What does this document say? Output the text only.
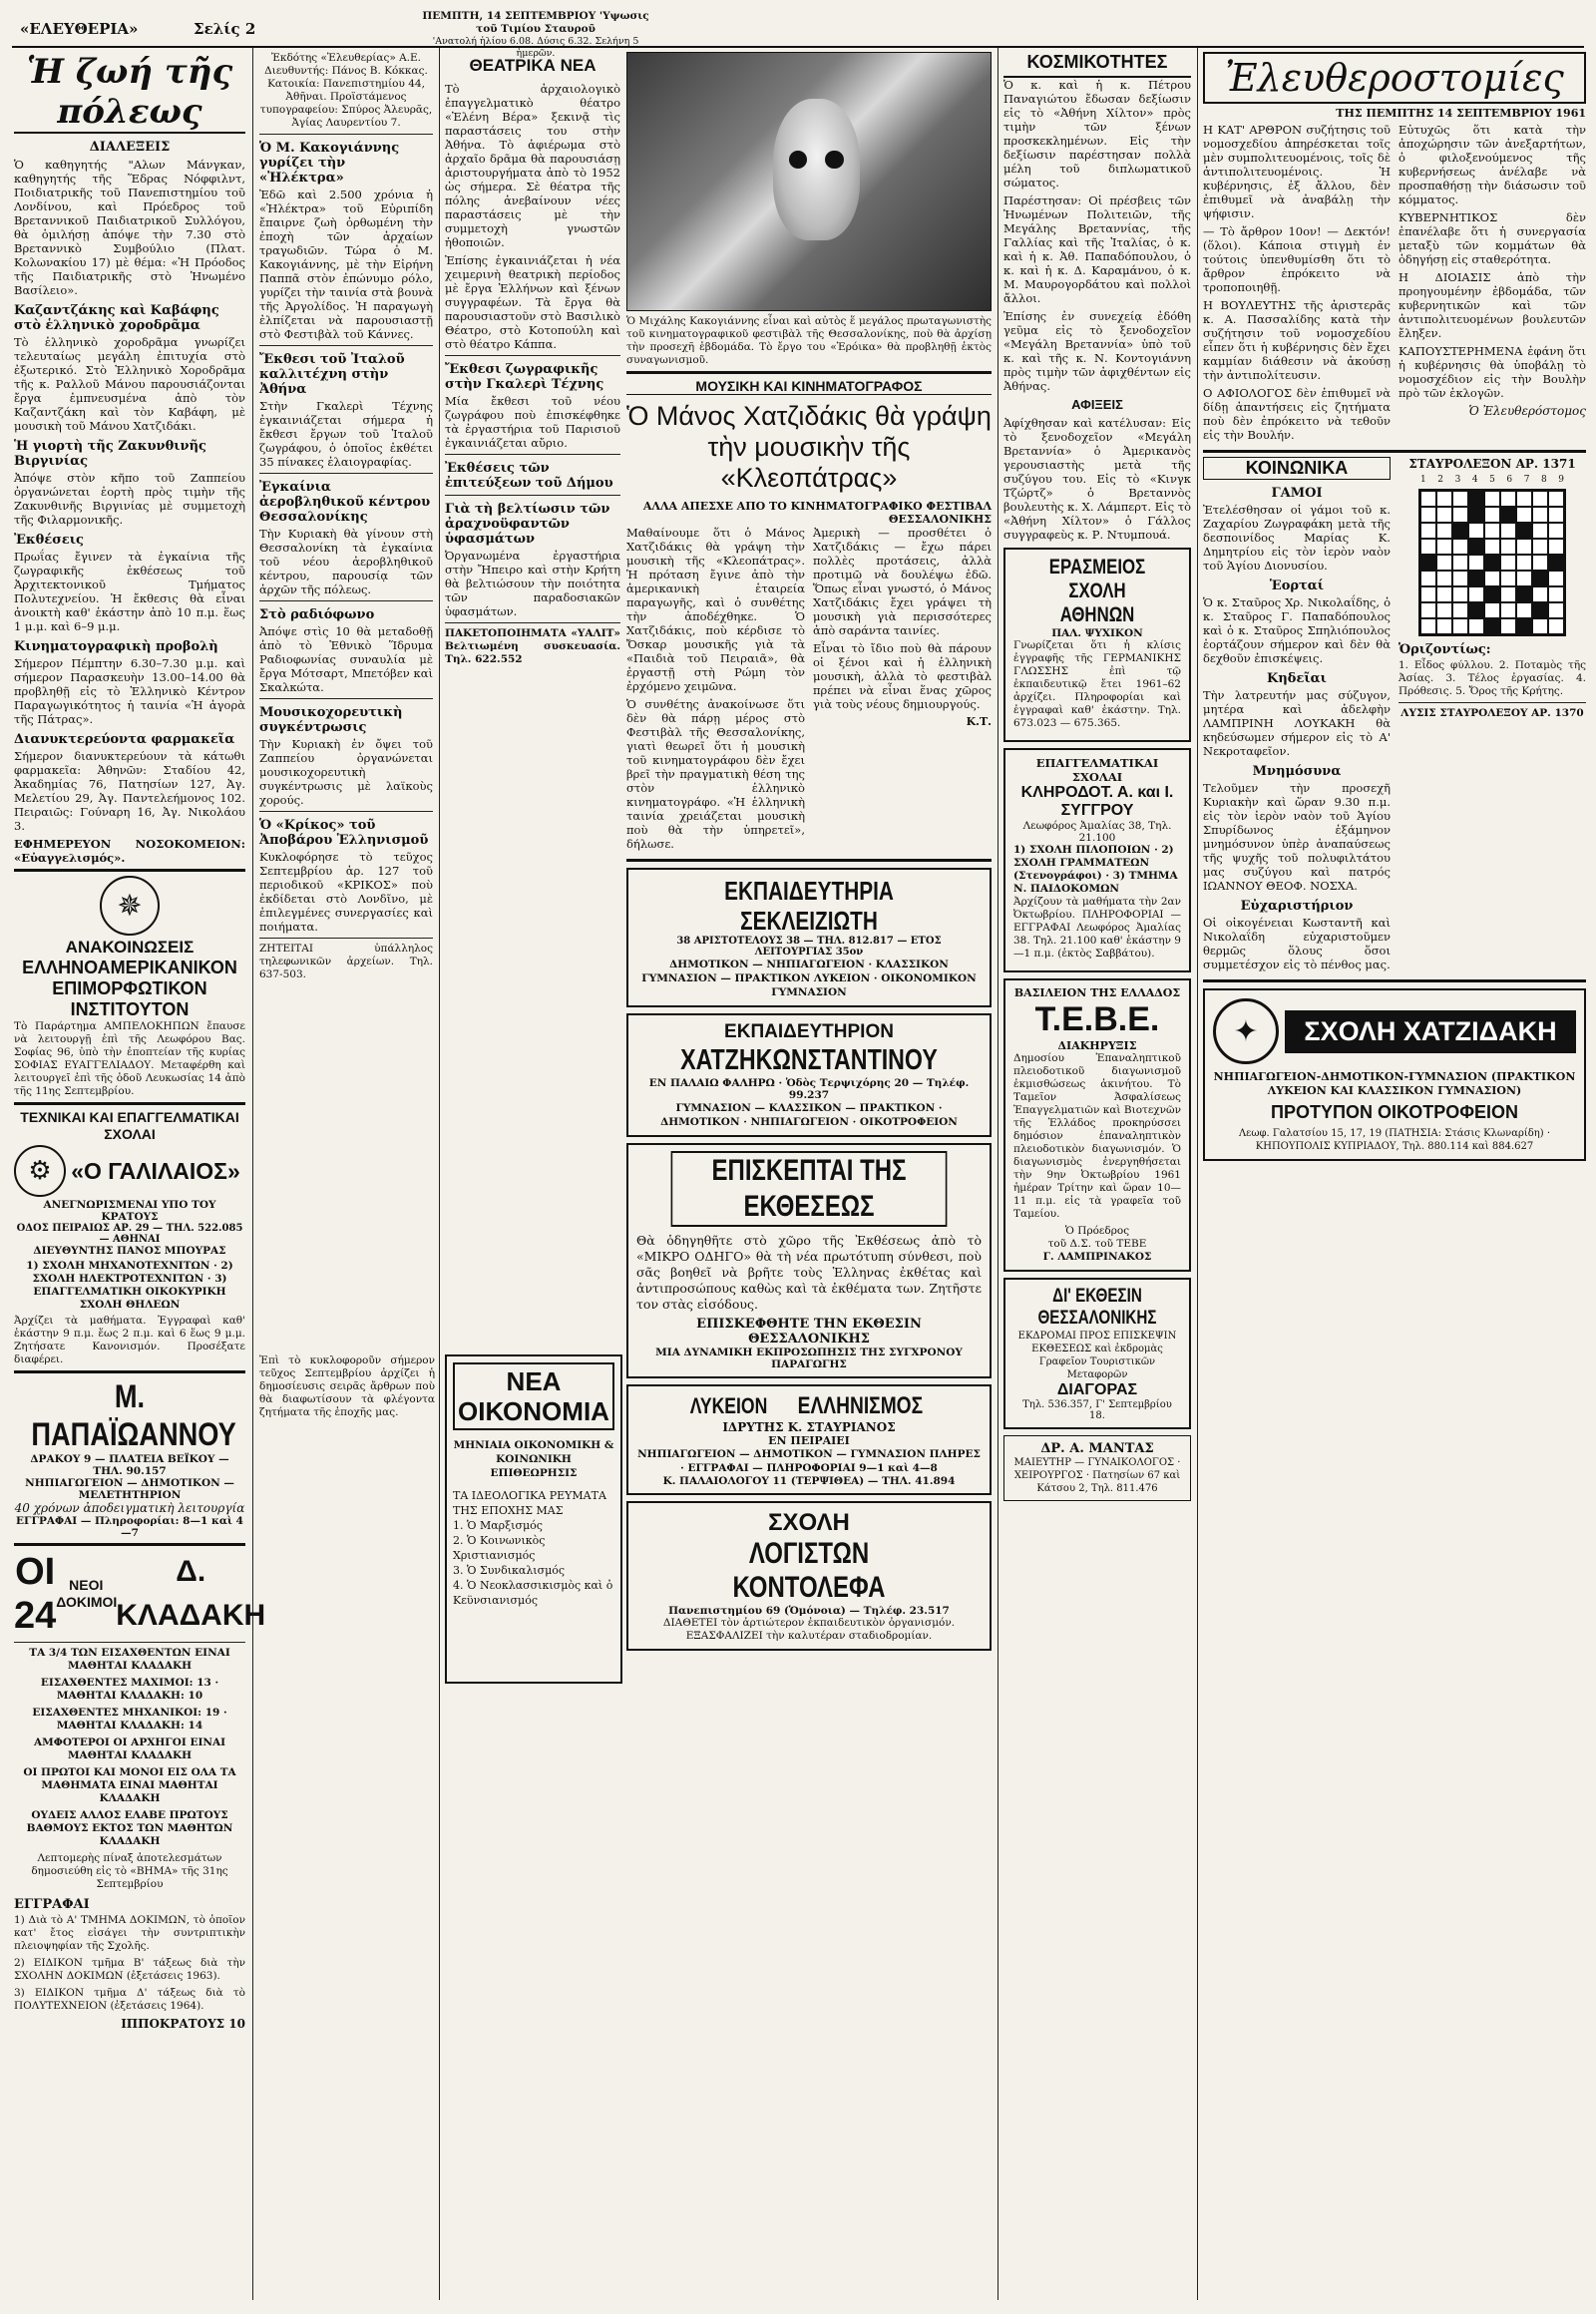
«ΕΛΕΥΘΕΡΙΑ»	Σελίς 2
ΠΕΜΠΤΗ, 14 ΣΕΠΤΕΜΒΡΙΟΥ 'Υψωσις τοῦ Τιμίου Σταυροῦ
'Ανατολή ἡλίου 6.08. Δύσις 6.32. Σελήνη 5 ἡμερῶν.
Ἡ ζωή τῆς πόλεως
ΔΙΑΛΕΞΕΙΣ

Ὁ καθηγητής "Αλων Μάνγκαν, καθηγητής τῆς Ἕδρας Νόφφιλντ, Ποιδιατρικῆς τοῦ Πανεπιστημίου τοῦ Λονδίνου, καὶ Πρόεδρος τοῦ Βρεταννικοῦ Παιδιατρικοῦ Συλλόγου, θὰ ὁμιλήσῃ ἀπόψε τὴν 7.30 στὸ Βρεταννικὸ Συμβούλιο (Πλατ. Κολωνακίου 17) μὲ θέμα: «Ἡ Πρόοδος τῆς Παιδιατρικῆς στὸ Ἡνωμένο Βασίλειο».

Καζαντζάκης καὶ Καβάφης στὸ ἑλληνικὸ χοροδρᾶμα

Τὸ ἑλληνικὸ χοροδρᾶμα γνωρίζει τελευταίως μεγάλη ἐπιτυχία στὸ ἐξωτερικό. Στὸ Ἑλληνικὸ Χοροδρᾶμα τῆς κ. Ραλλοῦ Μάνου παρουσιάζονται ἔργα ἐμπνευσμένα ἀπὸ τὸν Καζαντζάκη καὶ τὸν Καβάφη, μὲ μουσικὴ τοῦ Μάνου Χατζιδάκι.

Ἡ γιορτὴ τῆς Ζακυνθινῆς Βιργινίας

Ἀπόψε στὸν κῆπο τοῦ Ζαππείου ὀργανώνεται ἑορτὴ πρὸς τιμὴν τῆς Ζακυνθινῆς Βιργινίας μὲ συμμετοχὴ τῆς Φιλαρμονικῆς.

Ἐκθέσεις

Πρωΐας ἔγινεν τὰ ἐγκαίνια τῆς ζωγραφικῆς ἐκθέσεως τοῦ Ἀρχιτεκτονικοῦ Τμήματος Πολυτεχνείου. Ἡ ἔκθεσις θὰ εἶναι ἀνοικτὴ καθ' ἑκάστην ἀπὸ 10 π.μ. ἕως 1 μ.μ. καὶ 6–9 μ.μ.

Κινηματογραφικὴ προβολὴ

Σήμερον Πέμπτην 6.30–7.30 μ.μ. καὶ σήμερον Παρασκευὴν 13.00–14.00 θὰ προβληθῇ εἰς τὸ Ἑλληνικὸ Κέντρον Παραγωγικότητος ἡ ταινία «Ἡ ἀγορὰ τῆς Πάτρας».

Διανυκτερεύοντα φαρμακεῖα

Σήμερον διανυκτερεύουν τὰ κάτωθι φαρμακεῖα: Ἀθηνῶν: Σταδίου 42, Ἀκαδημίας 76, Πατησίων 127, Ἀγ. Μελετίου 29, Ἀγ. Παντελεήμονος 102. Πειραιῶς: Γούναρη 16, Ἀγ. Νικολάου 3.

ΕΦΗΜΕΡΕΥΟΝ ΝΟΣΟΚΟΜΕΙΟΝ: «Εὐαγγελισμός».

✵
ΑΝΑΚΟΙΝΩΣΕΙΣ
ΕΛΛΗΝΟΑΜΕΡΙΚΑΝΙΚΟΝ ΕΠΙΜΟΡΦΩΤΙΚΟΝ ΙΝΣΤΙΤΟΥΤΟΝ

Τὸ Παράρτημα ΑΜΠΕΛΟΚΗΠΩΝ ἔπαυσε νὰ λειτουργῇ ἐπὶ τῆς Λεωφόρου Βας. Σοφίας 96, ὑπὸ τὴν ἐποπτείαν τῆς κυρίας ΣΟΦΙΑΣ ΕΥΑΓΓΕΛΙΑΔΟΥ. Μεταφέρθη καὶ λειτουργεῖ ἐπὶ τῆς ὁδοῦ Λευκωσίας 14 ἀπὸ τῆς 11ης Σεπτεμβρίου.

ΤΕΧΝΙΚΑΙ ΚΑΙ ΕΠΑΓΓΕΛΜΑΤΙΚΑΙ ΣΧΟΛΑΙ
⚙ «Ο ΓΑΛΙΛΑΙΟΣ»
ΑΝΕΓΝΩΡΙΣΜΕΝΑΙ ΥΠΟ ΤΟΥ ΚΡΑΤΟΥΣ
ΟΔΟΣ ΠΕΙΡΑΙΩΣ ΑΡ. 29 — ΤΗΛ. 522.085 — ΑΘΗΝΑΙ
ΔΙΕΥΘΥΝΤΗΣ ΠΑΝΟΣ ΜΠΟΥΡΑΣ
1) ΣΧΟΛΗ ΜΗΧΑΝΟΤΕΧΝΙΤΩΝ · 2) ΣΧΟΛΗ ΗΛΕΚΤΡΟΤΕΧΝΙΤΩΝ · 3) ΕΠΑΓΓΕΛΜΑΤΙΚΗ ΟΙΚΟΚΥΡΙΚΗ ΣΧΟΛΗ ΘΗΛΕΩΝ

Ἀρχίζει τὰ μαθήματα. Ἐγγραφαὶ καθ' ἑκάστην 9 π.μ. ἕως 2 π.μ. καὶ 6 ἕως 9 μ.μ. Ζητήσατε Κανονισμόν. Προσέξατε διαφέρει.

Μ. ΠΑΠΑΪΩΑΝΝΟΥ
ΔΡΑΚΟΥ 9 — ΠΛΑΤΕΙΑ ΒΕΪΚΟΥ — ΤΗΛ. 90.157
ΝΗΠΙΑΓΩΓΕΙΟΝ — ΔΗΜΟΤΙΚΟΝ — ΜΕΛΕΤΗΤΗΡΙΟΝ
40 χρόνων ἀποδειγματικὴ λειτουργία
ΕΓΓΡΑΦΑΙ — Πληροφορίαι: 8—1 καὶ 4—7
ΟΙ 24
ΝΕΟΙ ΔΟΚΙΜΟΙ
Δ. ΚΛΑΔΑΚΗ

ΤΑ 3/4 ΤΩΝ ΕΙΣΑΧΘΕΝΤΩΝ ΕΙΝΑΙ ΜΑΘΗΤΑΙ ΚΛΑΔΑΚΗ

ΕΙΣΑΧΘΕΝΤΕΣ ΜΑΧΙΜΟΙ: 13 · ΜΑΘΗΤΑΙ ΚΛΑΔΑΚΗ: 10

ΕΙΣΑΧΘΕΝΤΕΣ ΜΗΧΑΝΙΚΟΙ: 19 · ΜΑΘΗΤΑΙ ΚΛΑΔΑΚΗ: 14

ΑΜΦΟΤΕΡΟΙ ΟΙ ΑΡΧΗΓΟΙ ΕΙΝΑΙ ΜΑΘΗΤΑΙ ΚΛΑΔΑΚΗ

ΟΙ ΠΡΩΤΟΙ ΚΑΙ ΜΟΝΟΙ ΕΙΣ ΟΛΑ ΤΑ ΜΑΘΗΜΑΤΑ ΕΙΝΑΙ ΜΑΘΗΤΑΙ ΚΛΑΔΑΚΗ

ΟΥΔΕΙΣ ΑΛΛΟΣ ΕΛΑΒΕ ΠΡΩΤΟΥΣ ΒΑΘΜΟΥΣ ΕΚΤΟΣ ΤΩΝ ΜΑΘΗΤΩΝ ΚΛΑΔΑΚΗ

Λεπτομερὴς πίναξ ἀποτελεσμάτων δημοσιεύθη εἰς τὸ «ΒΗΜΑ» τῆς 31ης Σεπτεμβρίου

ΕΓΓΡΑΦΑΙ

1) Διὰ τὸ Α' ΤΜΗΜΑ ΔΟΚΙΜΩΝ, τὸ ὁποῖον κατ' ἔτος εἰσάγει τὴν συντριπτικὴν πλειοψηφίαν τῆς Σχολῆς.

2) ΕΙΔΙΚΟΝ τμῆμα Β' τάξεως διὰ τὴν ΣΧΟΛΗΝ ΔΟΚΙΜΩΝ (ἐξετάσεις 1963).

3) ΕΙΔΙΚΟΝ τμῆμα Δ' τάξεως διὰ τὸ ΠΟΛΥΤΕΧΝΕΙΟΝ (ἐξετάσεις 1964).

ΙΠΠΟΚΡΑΤΟΥΣ 10

Ἐκδότης «Ἐλευθερίας» Α.Ε. Διευθυντής: Πάνος Β. Κόκκας. Κατοικία: Πανεπιστημίου 44, Ἀθῆναι. Προϊστάμενος τυπογραφείου: Σπύρος Ἀλευρᾶς, Ἀγίας Λαυρεντίου 7.

Ὁ Μ. Κακογιάννης γυρίζει τὴν «Ἠλέκτρα»

Ἐδῶ καὶ 2.500 χρόνια ἡ «Ἠλέκτρα» τοῦ Εὐριπίδη ἔπαιρνε ζωὴ ὀρθωμένη τὴν ἐποχὴ τῶν ἀρχαίων τραγωδιῶν. Τώρα ὁ Μ. Κακογιάννης, μὲ τὴν Εἰρήνη Παππᾶ στὸν ἐπώνυμο ρόλο, γυρίζει τὴν ταινία στὰ βουνὰ τῆς Ἀργολίδος. Ἡ παραγωγὴ ἐλπίζεται νὰ παρουσιαστῇ στὸ Φεστιβὰλ τοῦ Κάννες.

Ἔκθεσι τοῦ Ἰταλοῦ καλλιτέχνη στὴν Ἀθήνα

Στὴν Γκαλερὶ Τέχνης ἐγκαινιάζεται σήμερα ἡ ἔκθεσι ἔργων τοῦ Ἰταλοῦ ζωγράφου, ὁ ὁποῖος ἐκθέτει 35 πίνακες ἐλαιογραφίας.

Ἐγκαίνια ἀεροβληθικοῦ κέντρου Θεσσαλονίκης

Τὴν Κυριακὴ θὰ γίνουν στὴ Θεσσαλονίκη τὰ ἐγκαίνια τοῦ νέου ἀεροβληθικοῦ κέντρου, παρουσίᾳ τῶν ἀρχῶν τῆς πόλεως.

Στὸ ραδιόφωνο

Ἀπόψε στὶς 10 θὰ μεταδοθῇ ἀπὸ τὸ Ἐθνικὸ Ἵδρυμα Ραδιοφωνίας συναυλία μὲ ἔργα Μότσαρτ, Μπετόβεν καὶ Σκαλκώτα.

Μουσικοχορευτικὴ συγκέντρωσις

Τὴν Κυριακὴ ἐν ὄψει τοῦ Ζαππείου ὀργανώνεται μουσικοχορευτικὴ συγκέντρωσις μὲ λαϊκοὺς χορούς.

Ὁ «Κρίκος» τοῦ Ἀποβάρου Ἑλληνισμοῦ

Κυκλοφόρησε τὸ τεῦχος Σεπτεμβρίου ἀρ. 127 τοῦ περιοδικοῦ «ΚΡΙΚΟΣ» ποὺ ἐκδίδεται στὸ Λονδῖνο, μὲ ἐπιλεγμένες συνεργασίες καὶ ποιήματα.

ΖΗΤΕΙΤΑΙ ὑπάλληλος τηλεφωνικῶν ἀρχείων. Τηλ. 637-503.

ΘΕΑΤΡΙΚΑ ΝΕΑ

Τὸ ἀρχαιολογικὸ ἐπαγγελματικὸ θέατρο «Ἐλένη Βέρα» ξεκινᾷ τὶς παραστάσεις του στὴν Ἀθήνα. Τὸ ἀφιέρωμα στὸ ἀρχαῖο δρᾶμα θὰ παρουσιάσῃ ἀριστουργήματα ἀπὸ τὸ 1952 ὡς σήμερα. Σὲ θέατρα τῆς πόλης ἀνεβαίνουν νέες παραστάσεις μὲ τὴν συμμετοχὴ γνωστῶν ἠθοποιῶν.

Ἐπίσης ἐγκαινιάζεται ἡ νέα χειμερινὴ θεατρικὴ περίοδος μὲ ἔργα Ἑλλήνων καὶ ξένων συγγραφέων. Τὰ ἔργα θὰ παρουσιαστοῦν στὸ Βασιλικὸ Θέατρο, στὸ Κοτοπούλη καὶ στὸ θέατρο Κάππα.

Ἔκθεσι ζωγραφικῆς στὴν Γκαλερὶ Τέχνης

Μία ἔκθεσι τοῦ νέου ζωγράφου ποὺ ἐπισκέφθηκε τὰ ἐργαστήρια τοῦ Παρισιοῦ ἐγκαινιάζεται αὔριο.

Ἐκθέσεις τῶν ἐπιτεύξεων τοῦ Δήμου
Γιὰ τὴ βελτίωσιν τῶν ἀραχνοϋφαντῶν ὑφασμάτων

Ὀργανωμένα ἐργαστήρια στὴν Ἤπειρο καὶ στὴν Κρήτη θὰ βελτιώσουν τὴν ποιότητα τῶν παραδοσιακῶν ὑφασμάτων.

ΠΑΚΕΤΟΠΟΙΗΜΑΤΑ «ΥΑΛΙΤ» Βελτιωμένη συσκευασία. Τηλ. 622.552

ΝΕΑ ΟΙΚΟΝΟΜΙΑ
ΜΗΝΙΑΙΑ ΟΙΚΟΝΟΜΙΚΗ & ΚΟΙΝΩΝΙΚΗ ΕΠΙΘΕΩΡΗΣΙΣ
ΤΑ ΙΔΕΟΛΟΓΙΚΑ ΡΕΥΜΑΤΑ ΤΗΣ ΕΠΟΧΗΣ ΜΑΣ
1. Ὁ Μαρξισμός
2. Ὁ Κοινωνικὸς Χριστιανισμός
3. Ὁ Συνδικαλισμός
4. Ὁ Νεοκλασσικισμὸς καὶ ὁ Κεϋνσιανισμός

Ἐπὶ τὸ κυκλοφοροῦν σήμερον τεῦχος Σεπτεμβρίου ἀρχίζει ἡ δημοσίευσις σειρᾶς ἄρθρων ποὺ θὰ διαφωτίσουν τὰ φλέγοντα ζητήματα τῆς ἐποχῆς μας.

Ὁ Μιχάλης Κακογιάννης εἶναι καὶ αὐτὸς ἕ μεγάλος πρωταγωνιστὴς τοῦ κινηματογραφικοῦ φεστιβὰλ τῆς Θεσσαλονίκης, ποὺ θὰ ἀρχίσῃ τὴν προσεχῆ ἑβδομάδα. Τὸ ἔργο του «Ἐρόικα» θὰ προβληθῇ ἐκτὸς συναγωνισμοῦ.

ΜΟΥΣΙΚΗ ΚΑΙ ΚΙΝΗΜΑΤΟΓΡΑΦΟΣ
Ὁ Μάνος Χατζιδάκις θὰ γράψη τὴν μουσικὴν τῆς «Κλεοπάτρας»
ΑΛΛΑ ΑΠΕΣΧΕ ΑΠΟ ΤΟ ΚΙΝΗΜΑΤΟΓΡΑΦΙΚΟ ΦΕΣΤΙΒΑΛ ΘΕΣΣΑΛΟΝΙΚΗΣ

Μαθαίνουμε ὅτι ὁ Μάνος Χατζιδάκις θὰ γράψη τὴν μουσικὴ τῆς «Κλεοπάτρας». Ἡ πρόταση ἔγινε ἀπὸ τὴν ἀμερικανικὴ ἑταιρεία παραγωγῆς, καὶ ὁ συνθέτης τὴν ἀποδέχθηκε. Ὁ Χατζιδάκις, ποὺ κέρδισε τὸ Ὄσκαρ μουσικῆς γιὰ τὰ «Παιδιὰ τοῦ Πειραιᾶ», θὰ ἐργαστῇ στὴ Ρώμη τὸν ἐρχόμενο χειμῶνα.

Ὁ συνθέτης ἀνακοίνωσε ὅτι δὲν θὰ πάρῃ μέρος στὸ Φεστιβὰλ τῆς Θεσσαλονίκης, γιατὶ θεωρεῖ ὅτι ἡ μουσικὴ τοῦ κινηματογράφου δὲν ἔχει βρεῖ τὴν πραγματικὴ θέση της στὸν ἑλληνικὸ κινηματογράφο. «Ἡ ἑλληνικὴ ταινία χρειάζεται μουσικὴ ποὺ θὰ τὴν ὑπηρετεῖ», δήλωσε.

Ἀμερικὴ — προσθέτει ὁ Χατζιδάκις — ἔχω πάρει πολλὲς προτάσεις, ἀλλὰ προτιμῶ νὰ δουλέψω ἐδῶ. Ὅπως εἶναι γνωστό, ὁ Μάνος Χατζιδάκις ἔχει γράψει τὴ μουσικὴ γιὰ περισσότερες ἀπὸ σαράντα ταινίες.

Εἶναι τὸ ἴδιο ποὺ θὰ πάρουν οἱ ξένοι καὶ ἡ ἑλληνικὴ μουσικὴ, ἀλλὰ τὸ φεστιβὰλ πρέπει νὰ εἶναι ἕνας χῶρος γιὰ τοὺς νέους δημιουργούς.

Κ.Τ.
ΕΚΠΑΙΔΕΥΤΗΡΙΑ ΣΕΚΛΕΙΖΙΩΤΗ
38 ΑΡΙΣΤΟΤΕΛΟΥΣ 38 — ΤΗΛ. 812.817 — ΕΤΟΣ ΛΕΙΤΟΥΡΓΙΑΣ 35ον
ΔΗΜΟΤΙΚΟΝ — ΝΗΠΙΑΓΩΓΕΙΟΝ · ΚΛΑΣΣΙΚΟΝ ΓΥΜΝΑΣΙΟΝ — ΠΡΑΚΤΙΚΟΝ ΛΥΚΕΙΟΝ · ΟΙΚΟΝΟΜΙΚΟΝ ΓΥΜΝΑΣΙΟΝ
ΕΚΠΑΙΔΕΥΤΗΡΙΟΝ
ΧΑΤΖΗΚΩΝΣΤΑΝΤΙΝΟΥ
ΕΝ ΠΑΛΑΙΩ ΦΑΛΗΡΩ · Ὁδὸς Τερψιχόρης 20 — Τηλέφ. 99.237
ΓΥΜΝΑΣΙΟΝ — ΚΛΑΣΣΙΚΟΝ — ΠΡΑΚΤΙΚΟΝ · ΔΗΜΟΤΙΚΟΝ · ΝΗΠΙΑΓΩΓΕΙΟΝ · ΟΙΚΟΤΡΟΦΕΙΟΝ
ΕΠΙΣΚΕΠΤΑΙ ΤΗΣ ΕΚΘΕΣΕΩΣ

Θὰ ὁδηγηθῆτε στὸ χῶρο τῆς Ἐκθέσεως ἀπὸ τὸ «ΜΙΚΡΟ ΟΔΗΓΟ» θὰ τὴ νέα πρωτότυπη σύνθεσι, ποὺ σᾶς βοηθεῖ νὰ βρῆτε τοὺς Ἑλληνας ἐκθέτας καὶ ἀντιπροσώπους καθὼς καὶ τὰ ἐκθέματα των. Ζητῆστε τον στὰς εἰσόδους.

ΕΠΙΣΚΕΦΘΗΤΕ ΤΗΝ ΕΚΘΕΣΙΝ ΘΕΣΣΑΛΟΝΙΚΗΣ
ΜΙΑ ΔΥΝΑΜΙΚΗ ΕΚΠΡΟΣΩΠΗΣΙΣ ΤΗΣ ΣΥΓΧΡΟΝΟΥ ΠΑΡΑΓΩΓΗΣ
ΛΥΚΕΙΟΝ ΕΛΛΗΝΙΣΜΟΣ
ΙΔΡΥΤΗΣ Κ. ΣΤΑΥΡΙΑΝΟΣ
ΕΝ ΠΕΙΡΑΙΕΙ
ΝΗΠΙΑΓΩΓΕΙΟΝ — ΔΗΜΟΤΙΚΟΝ — ΓΥΜΝΑΣΙΟΝ ΠΛΗΡΕΣ · ΕΓΓΡΑΦΑΙ — ΠΛΗΡΟΦΟΡΙΑΙ 9—1 καὶ 4—8
Κ. ΠΑΛΑΙΟΛΟΓΟΥ 11 (ΤΕΡΨΙΘΕΑ) — ΤΗΛ. 41.894
ΣΧΟΛΗ
ΛΟΓΙΣΤΩΝ ΚΟΝΤΟΛΕΦΑ
Πανεπιστημίου 69 (Ὁμόνοια) — Τηλέφ. 23.517
ΔΙΑΘΕΤΕΙ τὸν ἀρτιώτερον ἐκπαιδευτικὸν ὀργανισμόν. ΕΞΑΣΦΑΛΙΖΕΙ τὴν καλυτέραν σταδιοδρομίαν.
ΚΟΣΜΙΚΟΤΗΤΕΣ

Ὁ κ. καὶ ἡ κ. Πέτρου Παναγιώτου ἔδωσαν δεξίωσιν εἰς τὸ «Ἀθήνη Χίλτον» πρὸς τιμὴν τῶν ξένων προσκεκλημένων. Εἰς τὴν δεξίωσιν παρέστησαν πολλὰ μέλη τοῦ διπλωματικοῦ σώματος.

Παρέστησαν: Οἱ πρέσβεις τῶν Ἡνωμένων Πολιτειῶν, τῆς Μεγάλης Βρεταννίας, τῆς Γαλλίας καὶ τῆς Ἰταλίας, ὁ κ. καὶ ἡ κ. Ἀθ. Παπαδόπουλου, ὁ κ. καὶ ἡ κ. Δ. Καραμάνου, ὁ κ. Μ. Μαυρογορδάτου καὶ πολλοὶ ἄλλοι.

Ἐπίσης ἐν συνεχείᾳ ἐδόθη γεῦμα εἰς τὸ ξενοδοχεῖον «Μεγάλη Βρεταννία» ὑπὸ τοῦ κ. καὶ τῆς κ. Ν. Κοντογιάννη πρὸς τιμὴν τῶν ἀφιχθέντων εἰς Ἀθήνας.

ΑΦΙΞΕΙΣ

Ἀφίχθησαν καὶ κατέλυσαν: Εἰς τὸ ξενοδοχεῖον «Μεγάλη Βρεταννία» ὁ Ἀμερικανὸς γερουσιαστὴς μετὰ τῆς συζύγου του. Εἰς τὸ «Κινγκ Τζώρτζ» ὁ Βρεταννὸς βουλευτὴς κ. Χ. Λάμπερτ. Εἰς τὸ «Ἀθήνη Χίλτον» ὁ Γάλλος συγγραφεὺς κ. Ρ. Ντυμπουά.

ΕΡΑΣΜΕΙΟΣ
ΣΧΟΛΗ ΑΘΗΝΩΝ
ΠΑΛ. ΨΥΧΙΚΟΝ

Γνωρίζεται ὅτι ἡ κλίσις ἐγγραφῆς τῆς ΓΕΡΜΑΝΙΚΗΣ ΓΛΩΣΣΗΣ ἐπὶ τῷ ἐκπαιδευτικῷ ἔτει 1961–62 ἀρχίζει. Πληροφορίαι καὶ ἐγγραφαὶ καθ' ἑκάστην. Τηλ. 673.023 — 675.365.

ΕΠΑΓΓΕΛΜΑΤΙΚΑΙ ΣΧΟΛΑΙ
ΚΛΗΡΟΔΟΤ. Α. και Ι. ΣΥΓΓΡΟΥ
Λεωφόρος Ἀμαλίας 38, Τηλ. 21.100
1) ΣΧΟΛΗ ΠΙΛΟΠΟΙΩΝ · 2) ΣΧΟΛΗ ΓΡΑΜΜΑΤΕΩΝ (Στενογράφοι) · 3) ΤΜΗΜΑ Ν. ΠΑΙΔΟΚΟΜΩΝ

Ἀρχίζουν τὰ μαθήματα τὴν 2αν Ὀκτωβρίου. ΠΛΗΡΟΦΟΡΙΑΙ — ΕΓΓΡΑΦΑΙ Λεωφόρος Ἀμαλίας 38. Τηλ. 21.100 καθ' ἑκάστην 9—1 π.μ. (ἐκτὸς Σαββάτου).

ΒΑΣΙΛΕΙΟΝ ΤΗΣ ΕΛΛΑΔΟΣ
Τ.Ε.Β.Ε.
ΔΙΑΚΗΡΥΞΙΣ

Δημοσίου Ἐπαναληπτικοῦ πλειοδοτικοῦ διαγωνισμοῦ ἐκμισθώσεως ἀκινήτου. Τὸ Ταμεῖον Ἀσφαλίσεως Ἐπαγγελματιῶν καὶ Βιοτεχνῶν τῆς Ἑλλάδος προκηρύσσει δημόσιον ἐπαναληπτικὸν πλειοδοτικὸν διαγωνισμόν. Ὁ διαγωνισμὸς ἐνεργηθήσεται τὴν 9ην Ὀκτωβρίου 1961 ἡμέραν Τρίτην καὶ ὥραν 10—11 π.μ. εἰς τὰ γραφεῖα τοῦ Ταμείου.

Ὁ Πρόεδρος
τοῦ Δ.Σ. τοῦ ΤΕΒΕ
Γ. ΛΑΜΠΡΙΝΑΚΟΣ
ΔΙ' ΕΚΘΕΣΙΝ
ΘΕΣΣΑΛΟΝΙΚΗΣ
ΕΚΔΡΟΜΑΙ ΠΡΟΣ ΕΠΙΣΚΕΨΙΝ ΕΚΘΕΣΕΩΣ καὶ ἐκδρομὰς Γραφεῖον Τουριστικῶν Μεταφορῶν
ΔΙΑΓΟΡΑΣ
Τηλ. 536.357, Γ' Σεπτεμβρίου 18.
ΔΡ. Α. ΜΑΝΤΑΣ
ΜΑΙΕΥΤΗΡ — ΓΥΝΑΙΚΟΛΟΓΟΣ · ΧΕΙΡΟΥΡΓΟΣ · Πατησίων 67 καὶ Κάτσου 2, Τηλ. 811.476
Ἐλευθεροστομίες
ΤΗΣ ΠΕΜΠΤΗΣ 14 ΣΕΠΤΕΜΒΡΙΟΥ 1961

Η ΚΑΤ' ΑΡΘΡΟΝ συζήτησις τοῦ νομοσχεδίου ἀπηρέσκεται τοῖς μὲν συμπολιτευομένοις, τοῖς δὲ ἀντιπολιτευομένοις. Ἡ κυβέρνησις, ἐξ ἄλλου, δὲν ἐπιθυμεῖ νὰ ἀναβάλῃ τὴν ψήφισιν.

— Τὸ ἄρθρον 10ον! — Δεκτόν! (ὅλοι). Κάποια στιγμὴ ἐν τούτοις ὑπενθυμίσθη ὅτι τὸ ἄρθρον ἐπρόκειτο νὰ τροποποιηθῇ.

Η ΒΟΥΛΕΥΤΗΣ τῆς ἀριστερᾶς κ. Α. Πασσαλίδης κατὰ τὴν συζήτησιν τοῦ νομοσχεδίου εἶπεν ὅτι ἡ κυβέρνησις δὲν ἔχει καμμίαν διάθεσιν νὰ ἀκούσῃ τὴν ἀντιπολίτευσιν.

Ο ΑΦΙΟΛΟΓΟΣ δὲν ἐπιθυμεῖ νὰ δίδῃ ἀπαντήσεις εἰς ζητήματα ποὺ δὲν ἐπρόκειτο νὰ τεθοῦν εἰς τὴν Βουλήν.

Εὐτυχῶς ὅτι κατὰ τὴν ἀποχώρησιν τῶν ἀνεξαρτήτων, ὁ φιλοξενούμενος τῆς κυβερνήσεως ἀνέλαβε νὰ προσπαθήσῃ τὴν διάσωσιν τοῦ κόμματος.

ΚΥΒΕΡΝΗΤΙΚΟΣ δὲν ἐπανέλαβε ὅτι ἡ συνεργασία μεταξὺ τῶν κομμάτων θὰ ὁδηγήσῃ εἰς σταθερότητα.

Η ΔΙΟΙΑΣΙΣ ἀπὸ τὴν προηγουμένην ἐβδομάδα, τῶν κυβερνητικῶν καὶ τῶν ἀντιπολιτευομένων βουλευτῶν ἔληξεν.

ΚΑΠΟΥΣΤΕΡΗΜΕΝΑ ἐφάνη ὅτι ἡ κυβέρνησις θὰ ὑποβάλῃ τὸ νομοσχέδιον εἰς τὴν Βουλὴν πρὸ τῶν ἐκλογῶν.

Ὁ Ἐλευθερόστομος
ΚΟΙΝΩΝΙΚΑ
ΓΑΜΟΙ

Ἐτελέσθησαν οἱ γάμοι τοῦ κ. Ζαχαρίου Ζωγραφάκη μετὰ τῆς δεσποινίδος Μαρίας Κ. Δημητρίου εἰς τὸν ἱερὸν ναὸν τοῦ Ἁγίου Διονυσίου.

Ἑορταί

Ὁ κ. Σταῦρος Χρ. Νικολαΐδης, ὁ κ. Σταῦρος Γ. Παπαδόπουλος καὶ ὁ κ. Σταῦρος Σπηλιόπουλος ἑορτάζουν σήμερον καὶ δὲν θὰ δεχθοῦν ἐπισκέψεις.

Κηδεῖαι

Τὴν λατρευτήν μας σύζυγον, μητέρα καὶ ἀδελφὴν ΛΑΜΠΡΙΝΗ ΛΟΥΚΑΚΗ θὰ κηδεύσωμεν σήμερον εἰς τὸ Α' Νεκροταφεῖον.

Μνημόσυνα

Τελοῦμεν τὴν προσεχῆ Κυριακὴν καὶ ὥραν 9.30 π.μ. εἰς τὸν ἱερὸν ναὸν τοῦ Ἁγίου Σπυρίδωνος ἑξάμηνον μνημόσυνον ὑπὲρ ἀναπαύσεως τῆς ψυχῆς τοῦ πολυφιλτάτου μας συζύγου καὶ πατρός ΙΩΑΝΝΟΥ ΘΕΟΦ. ΝΟΣΧΑ.

Εὐχαριστήριον

Οἱ οἰκογένειαι Κωσταντῆ καὶ Νικολαΐδη εὐχαριστοῦμεν θερμῶς ὅλους ὅσοι συμμετέσχον εἰς τὸ πένθος μας.

ΣΤΑΥΡΟΛΕΞΟΝ ΑΡ. 1371
1 2 3 4 5 6 7 8 9
Ὁριζοντίως:

1. Εἶδος φύλλου. 2. Ποταμὸς τῆς Ἀσίας. 3. Τέλος ἐργασίας. 4. Πρόθεσις. 5. Ὄρος τῆς Κρήτης.

ΛΥΣΙΣ ΣΤΑΥΡΟΛΕΞΟΥ ΑΡ. 1370
✦	ΣΧΟΛΗ ΧΑΤΖΙΔΑΚΗ
ΝΗΠΙΑΓΩΓΕΙΟΝ-ΔΗΜΟΤΙΚΟΝ-ΓΥΜΝΑΣΙΟΝ (ΠΡΑΚΤΙΚΟΝ ΛΥΚΕΙΟΝ ΚΑΙ ΚΛΑΣΣΙΚΟΝ ΓΥΜΝΑΣΙΟΝ)
ΠΡΟΤΥΠΟΝ ΟΙΚΟΤΡΟΦΕΙΟΝ
Λεωφ. Γαλατσίου 15, 17, 19 (ΠΑΤΗΣΙΑ: Στάσις Κλωναρίδη) · ΚΗΠΟΥΠΟΛΙΣ ΚΥΠΡΙΑΔΟΥ, Τηλ. 880.114 καὶ 884.627
